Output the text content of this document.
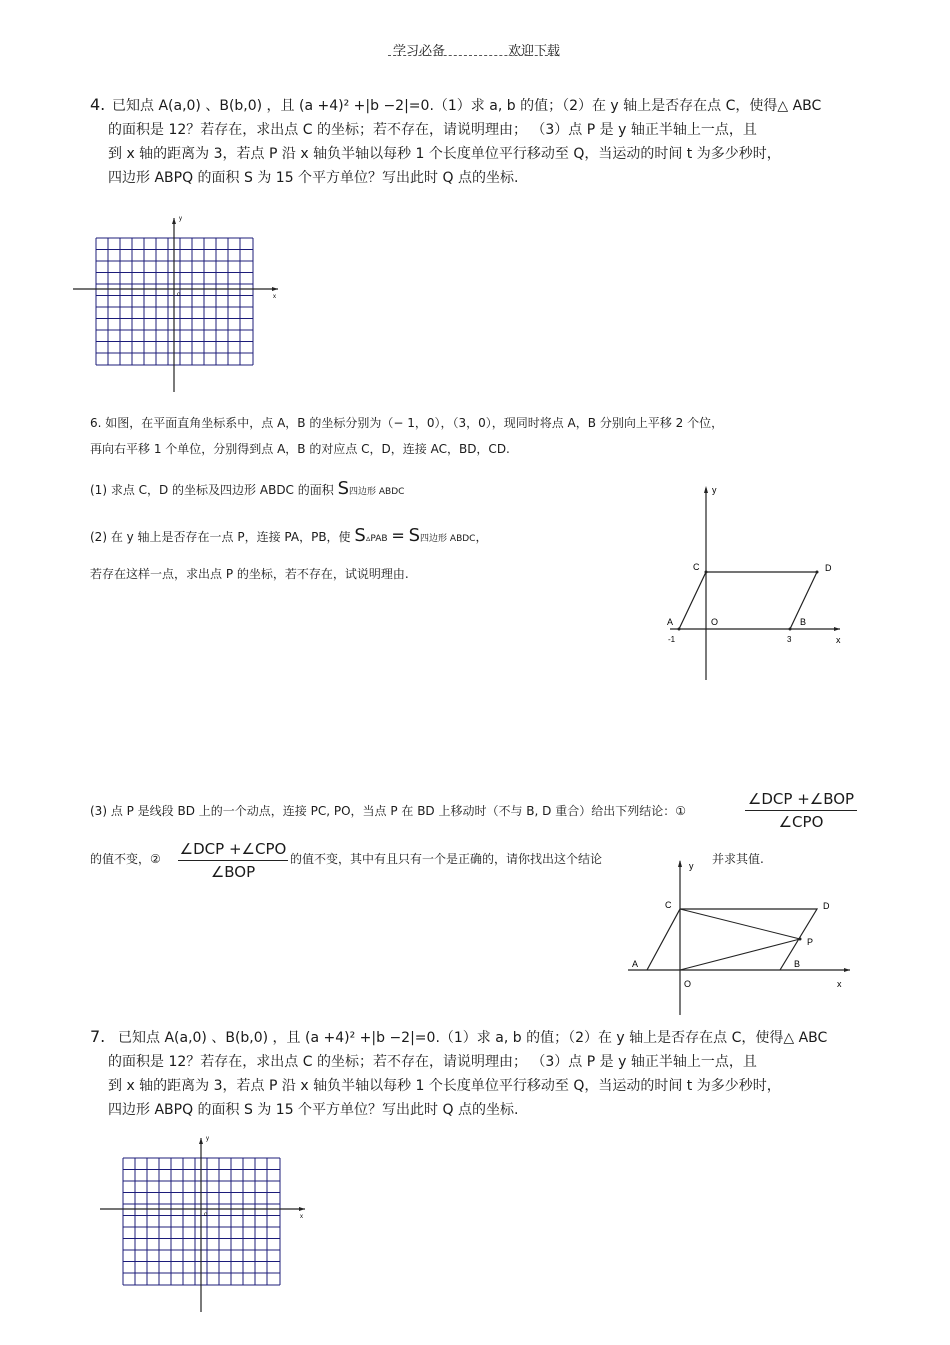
学习必备	欢迎下载
4. 已知点 A(a,0) 、B(b,0) ，且 (a +4)² +|b −2|=0.（1）求 a, b 的值；（2）在 y 轴上是否存在点 C，使得△ ABC
的面积是 12？若存在，求出点 C 的坐标；若不存在，请说明理由； （3）点 P 是 y 轴正半轴上一点，且
到 x 轴的距离为 3，若点 P 沿 x 轴负半轴以每秒 1 个长度单位平行移动至 Q，当运动的时间 t 为多少秒时，
四边形 ABPQ 的面积 S 为 15 个平方单位？写出此时 Q 点的坐标.
y
x
o
6. 如图，在平面直角坐标系中，点 A，B 的坐标分别为（− 1，0），（3，0），现同时将点 A，B 分别向上平移 2 个位，
再向右平移 1 个单位，分别得到点 A，B 的对应点 C，D，连接 AC，BD，CD.
(1) 求点 C，D 的坐标及四边形 ABDC 的面积 S四边形 ABDC
(2) 在 y 轴上是否存在一点 P，连接 PA，PB，使 S▵PAB = S四边形 ABDC，
若存在这样一点，求出点 P 的坐标，若不存在，试说明理由.
y
x
C	D
A	O	B
-1	3
(3) 点 P 是线段 BD 上的一个动点，连接 PC, PO，当点 P 在 BD 上移动时（不与 B, D 重合）给出下列结论：①
∠DCP +∠BOP
∠CPO
的值不变，②
∠DCP +∠CPO
∠BOP
的值不变，其中有且只有一个是正确的，请你找出这个结论	并求其值.
y
x
C	D
A
O
B
P
7. 已知点 A(a,0) 、B(b,0) ，且 (a +4)² +|b −2|=0.（1）求 a, b 的值；（2）在 y 轴上是否存在点 C，使得△ ABC
的面积是 12？若存在，求出点 C 的坐标；若不存在，请说明理由； （3）点 P 是 y 轴正半轴上一点，且
到 x 轴的距离为 3，若点 P 沿 x 轴负半轴以每秒 1 个长度单位平行移动至 Q，当运动的时间 t 为多少秒时，
四边形 ABPQ 的面积 S 为 15 个平方单位？写出此时 Q 点的坐标.
y
x
o
